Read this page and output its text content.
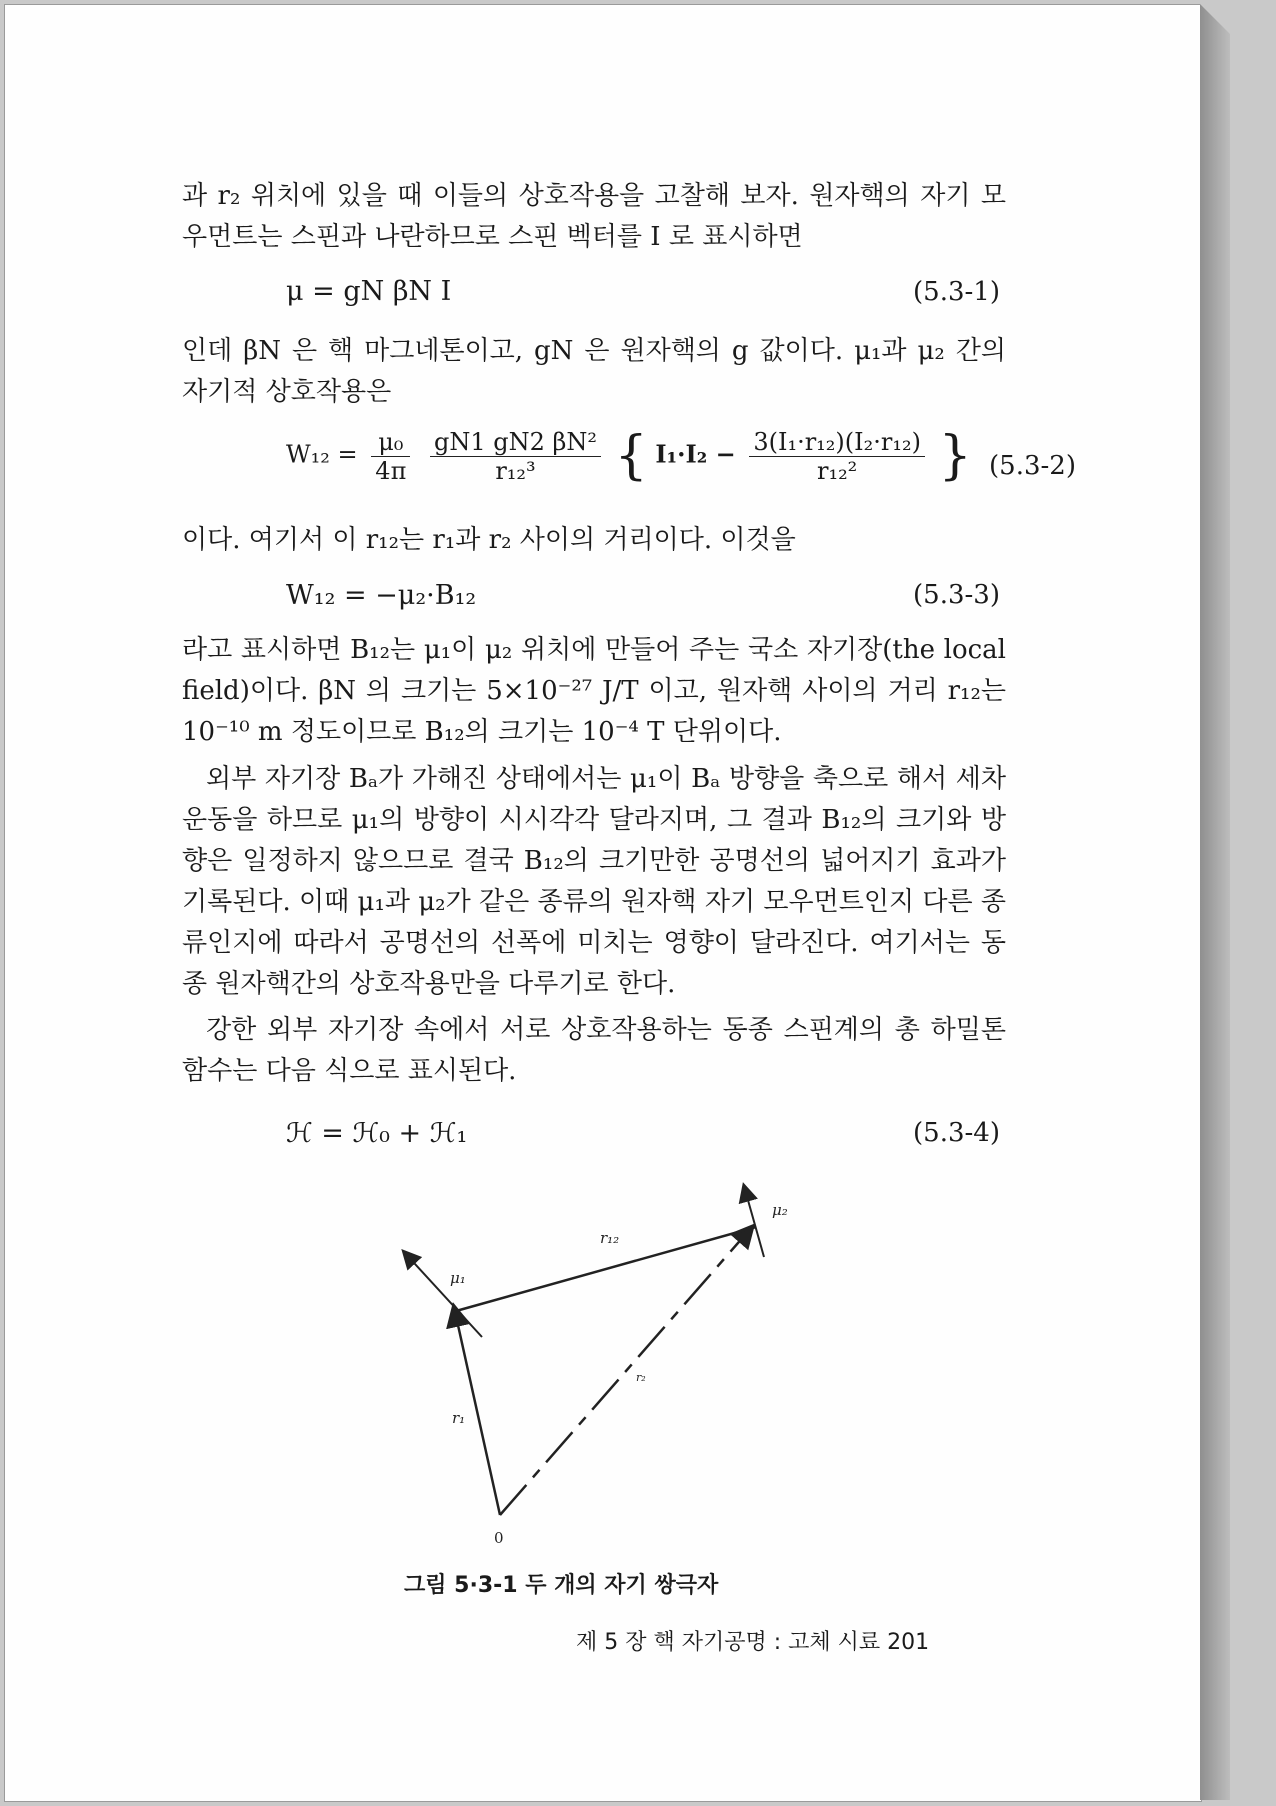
과 r₂ 위치에 있을 때 이들의 상호작용을 고찰해 보자. 원자핵의 자기 모우먼트는 스핀과 나란하므로 스핀 벡터를 I 로 표시하면

μ = gN βN I	(5.3-1)

인데 βN 은 핵 마그네톤이고, gN 은 원자핵의 g 값이다. μ₁과 μ₂ 간의 자기적 상호작용은

$W_{12} = \frac{\text{μ₀}}{4\pi}$
$\frac{\text{gN1 gN2 βN²}}{\text{r₁₂³}}$ { $I_1\cdot I_2 - \frac{\text{3(I₁·r₁₂)(I₂·r₁₂)}}{\text{r₁₂²}}$ } (5.3-2)

이다. 여기서 이 r₁₂는 r₁과 r₂ 사이의 거리이다. 이것을

W₁₂ = −μ₂·B₁₂	(5.3-3)

라고 표시하면 B₁₂는 μ₁이 μ₂ 위치에 만들어 주는 국소 자기장(the local field)이다. βN 의 크기는 5×10⁻²⁷ J/T 이고, 원자핵 사이의 거리 r₁₂는 10⁻¹⁰ m 정도이므로 B₁₂의 크기는 10⁻⁴ T 단위이다.

외부 자기장 Bₐ가 가해진 상태에서는 μ₁이 Bₐ 방향을 축으로 해서 세차운동을 하므로 μ₁의 방향이 시시각각 달라지며, 그 결과 B₁₂의 크기와 방향은 일정하지 않으므로 결국 B₁₂의 크기만한 공명선의 넓어지기 효과가 기록된다. 이때 μ₁과 μ₂가 같은 종류의 원자핵 자기 모우먼트인지 다른 종류인지에 따라서 공명선의 선폭에 미치는 영향이 달라진다. 여기서는 동종 원자핵간의 상호작용만을 다루기로 한다.

강한 외부 자기장 속에서 서로 상호작용하는 동종 스핀계의 총 하밀톤함수는 다음 식으로 표시된다.

ℋ = ℋ₀ + ℋ₁	(5.3-4)
μ₁
μ₂
r₁₂
r₁
r₂
0
그림 5·3-1 두 개의 자기 쌍극자
제 5 장 핵 자기공명 : 고체 시료 201
